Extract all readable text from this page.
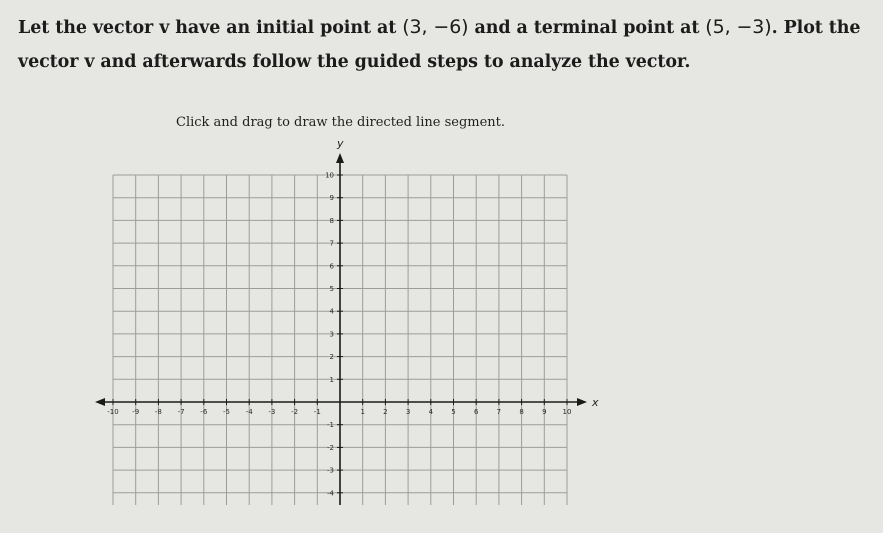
Let the vector v have an initial point at (3, −6) and a terminal point at (5, −3). Plot the vector v and afterwards follow the guided steps to analyze the vector.
Click and drag to draw the directed line segment.
x
y
-10 -9 -8 -7 -6 -5 -4 -3 -2 -1	1	2	3	4	5	6	7	8	9 10
10
9
8
7
6
5
4
3
2
1
-1
-2
-3
-4
